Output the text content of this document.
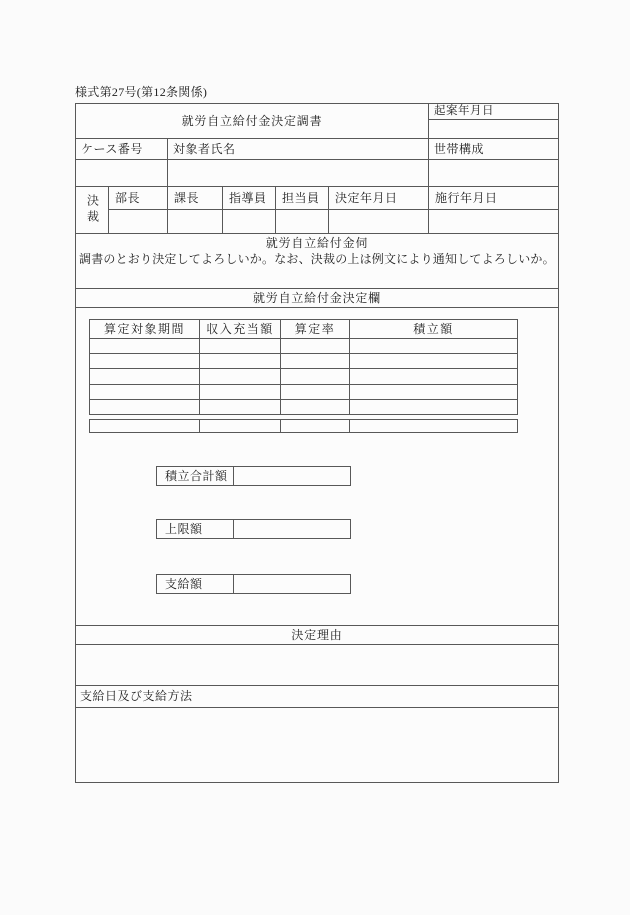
様式第27号(第12条関係)
就労自立給付金決定調書
起案年月日
ケース番号	対象者氏名	世帯構成
決裁	部長	課長	指導員	担当員	決定年月日	施行年月日
就労自立給付金伺
調書のとおり決定してよろしいか。なお、決裁の上は例文により通知してよろしいか。
就労自立給付金決定欄
算定対象期間	収入充当額	算定率	積立額
積立合計額
上限額
支給額
決定理由
支給日及び支給方法
